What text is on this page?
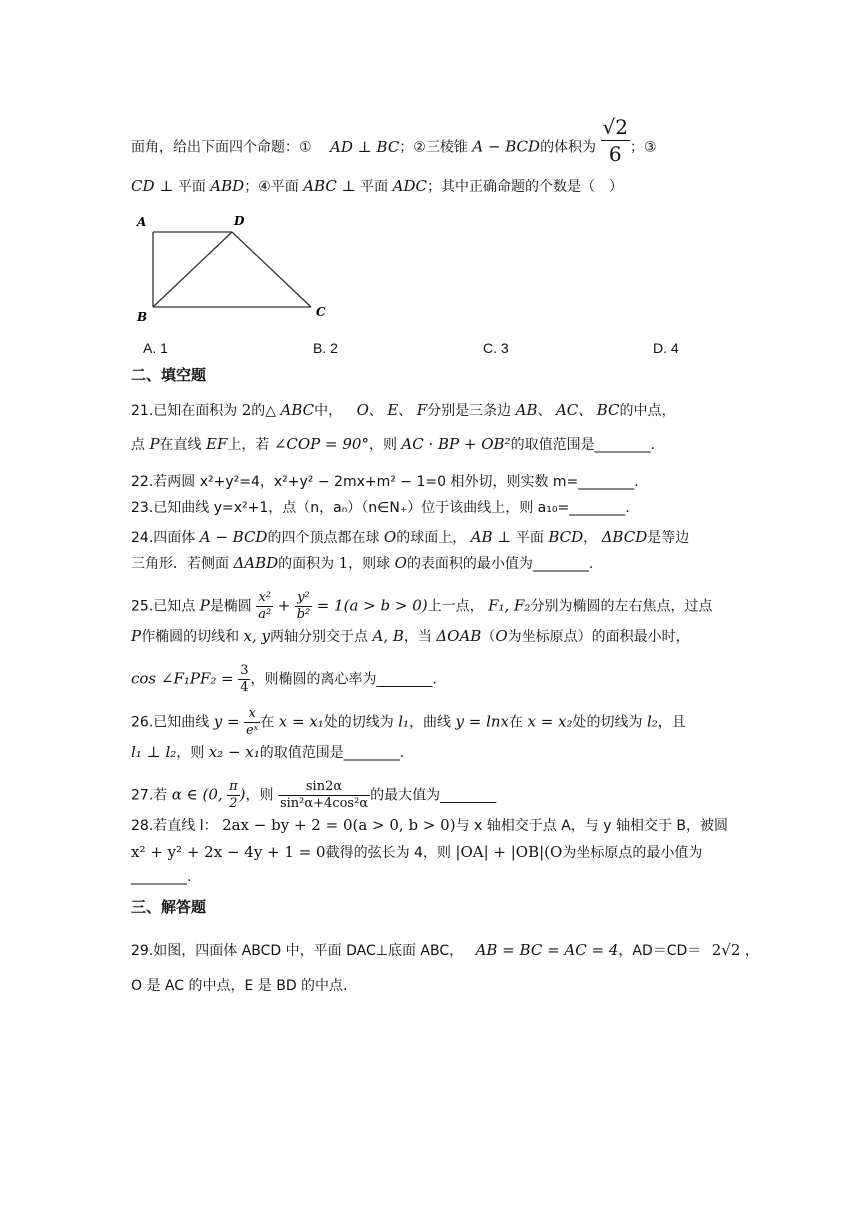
面角，给出下面四个命题：① AD ⊥ BC；②三棱锥 A − BCD的体积为 $\frac{√2}{6}$ ；③
CD ⊥ 平面 ABD；④平面 ABC ⊥ 平面 ADC；其中正确命题的个数是（　）
A	D
B	C
A. 1	B. 2	C. 3	D. 4
二、填空题
21.已知在面积为 2的△ ABC中， O、 E、 F分别是三条边 AB、 AC、 BC的中点，
点 P在直线 EF上，若 ∠COP = 90°，则 AC · BP + OB²的取值范围是________.
22.若两圆 x²+y²=4，x²+y² − 2mx+m² − 1=0 相外切，则实数 m=________.
23.已知曲线 y=x²+1，点（n，aₙ）（n∈N₊）位于该曲线上，则 a₁₀=________.
24.四面体 A − BCD的四个顶点都在球 O的球面上， AB ⊥ 平面 BCD， ΔBCD是等边
三角形．若侧面 ΔABD的面积为 1，则球 O的表面积的最小值为________.
25.已知点 P是椭圆 $\frac{\text{x²}}{\text{a²}} + \frac{\text{y²}}{\text{b²}} = 1(a > b > 0)$上一点， F₁, F₂分别为椭圆的左右焦点，过点
P作椭圆的切线和 x, y两轴分别交于点 A, B，当 ΔOAB（O为坐标原点）的面积最小时，
cos ∠F₁PF₂ = $\frac{3}{4}$ ，则椭圆的离心率为________.
26.已知曲线 $y = \frac{x}{\text{eˣ}}$ 在 x = x₁处的切线为 l₁，曲线 y = lnx在 x = x₂处的切线为 l₂，且
l₁ ⊥ l₂，则 x₂ − x₁的取值范围是________.
27.若 α ∈ (0, $\frac{\pi}{2}$ )，则 $\frac{\sin 2\alpha}{\text{sin²α+4cos²α}}$ 的最大值为________
28.若直线 l： 2ax − by + 2 = 0(a > 0, b > 0)与 x 轴相交于点 A，与 y 轴相交于 B，被圆
x² + y² + 2x − 4y + 1 = 0截得的弦长为 4，则 |OA| + |OB|(O为坐标原点的最小值为
________.
三、解答题
29.如图，四面体 ABCD 中，平面 DAC⊥底面 ABC， AB = BC = AC = 4，AD＝CD＝ 2√2 ，
O 是 AC 的中点，E 是 BD 的中点.
